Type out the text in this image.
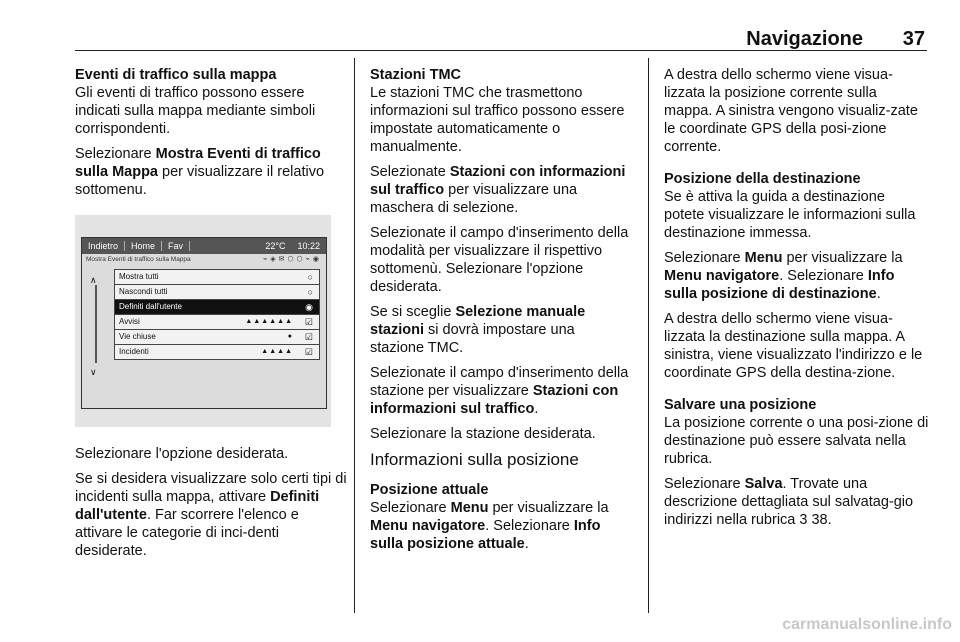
Navigazione 37

Eventi di traffico sulla mappa

Gli eventi di traffico possono essere indicati sulla mappa mediante simboli corrispondenti.

Selezionare Mostra Eventi di traffico sulla Mappa per visualizzare il relativo sottomenu.

Indietro	Home	Fav	22°C	10:22
Mostra Eventi di traffico sulla Mappa	⌁◈✉⬡⬡⌁◉
∧
∨
Mostra tutti	○
Nascondi tutti	○
Definiti dall'utente	◉
Avvisi	▲▲▲▲▲▲ ☑
Vie chiuse	● ☑
Incidenti	▲▲▲▲ ☑

Selezionare l'opzione desiderata.

Se si desidera visualizzare solo certi tipi di incidenti sulla mappa, attivare Definiti dall'utente. Far scorrere l'elenco e attivare le categorie di inci-denti desiderate.

Stazioni TMC

Le stazioni TMC che trasmettono informazioni sul traffico possono essere impostate automaticamente o manualmente.

Selezionate Stazioni con informazioni sul traffico per visualizzare una maschera di selezione.

Selezionate il campo d'inserimento della modalità per visualizzare il rispettivo sottomenù. Selezionare l'opzione desiderata.

Se si sceglie Selezione manuale stazioni si dovrà impostare una stazione TMC.

Selezionate il campo d'inserimento della stazione per visualizzare Stazioni con informazioni sul traffico.

Selezionare la stazione desiderata.

Informazioni sulla posizione

Posizione attuale

Selezionare Menu per visualizzare la Menu navigatore. Selezionare Info sulla posizione attuale.

A destra dello schermo viene visua-lizzata la posizione corrente sulla mappa. A sinistra vengono visualiz-zate le coordinate GPS della posi-zione corrente.

Posizione della destinazione

Se è attiva la guida a destinazione potete visualizzare le informazioni sulla destinazione immessa.

Selezionare Menu per visualizzare la Menu navigatore. Selezionare Info sulla posizione di destinazione.

A destra dello schermo viene visua-lizzata la destinazione sulla mappa. A sinistra, viene visualizzato l'indirizzo e le coordinate GPS della destina-zione.

Salvare una posizione

La posizione corrente o una posi-zione di destinazione può essere salvata nella rubrica.

Selezionare Salva. Trovate una descrizione dettagliata sul salvatag-gio indirizzi nella rubrica 3 38.

carmanualsonline.info
